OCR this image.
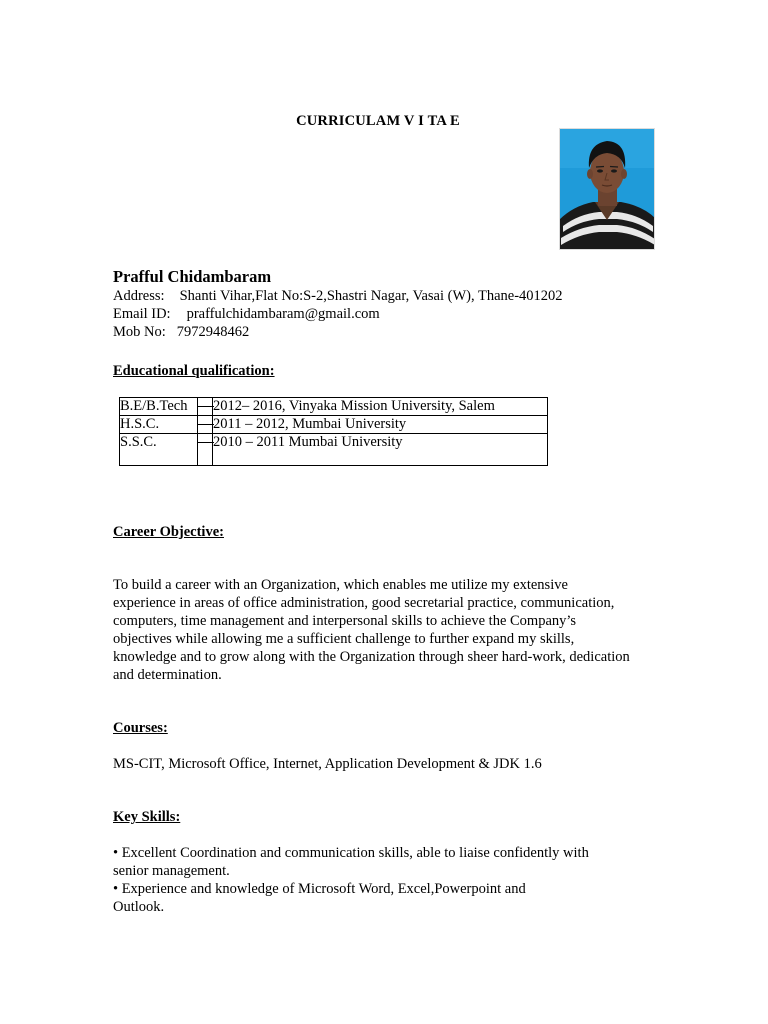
CURRICULAM V I TA E
Prafful Chidambaram
Address: Shanti Vihar,Flat No:S-2,Shastri Nagar, Vasai (W), Thane-401202
Email ID: praffulchidambaram@gmail.com
Mob No: 7972948462
Educational qualification:
B.E/B.Tech		2012– 2016, Vinyaka Mission University, Salem
H.S.C.		2011 – 2012, Mumbai University
S.S.C.		2010 – 2011 Mumbai University

Career Objective:

To build a career with an Organization, which enables me utilize my extensive

experience in areas of office administration, good secretarial practice, communication,

computers, time management and interpersonal skills to achieve the Company’s

objectives while allowing me a sufficient challenge to further expand my skills,

knowledge and to grow along with the Organization through sheer hard-work, dedication

and determination.

Courses:
MS-CIT, Microsoft Office, Internet, Application Development & JDK 1.6
Key Skills:

• Excellent Coordination and communication skills, able to liaise confidently with

senior management.

• Experience and knowledge of Microsoft Word, Excel,Powerpoint and

Outlook.
